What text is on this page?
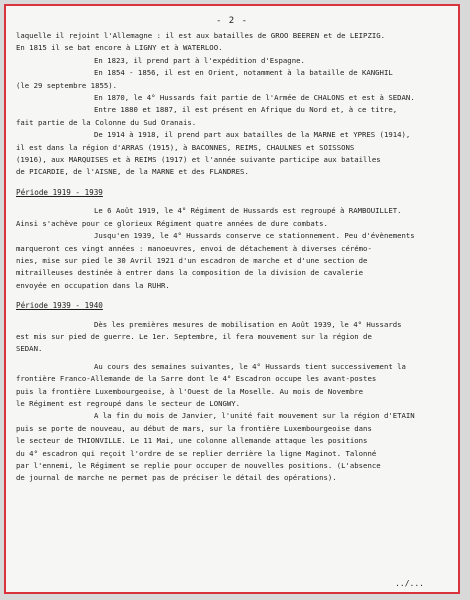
- 2 -
laquelle il rejoint l'Allemagne : il est aux batailles de GROO BEEREN et de LEIPZIG.
En 1815 il se bat encore à LIGNY et à WATERLOO.
En 1823, il prend part à l'expédition d'Espagne.
En 1854 - 1856, il est en Orient, notamment à la bataille de KANGHIL
(le 29 septembre 1855).
En 1870, le 4° Hussards fait partie de l'Armée de CHALONS et est à SEDAN.
Entre 1880 et 1887, il est présent en Afrique du Nord et, à ce titre,
fait partie de la Colonne du Sud Oranais.
De 1914 à 1918, il prend part aux batailles de la MARNE et YPRES (1914),
il est dans la région d'ARRAS (1915), à BACONNES, REIMS, CHAULNES et SOISSONS
(1916), aux MARQUISES et à REIMS (1917) et l'année suivante participe aux batailles
de PICARDIE, de l'AISNE, de la MARNE et des FLANDRES.
Période 1919 - 1939
Le 6 Août 1919, le 4° Régiment de Hussards est regroupé à RAMBOUILLET.
Ainsi s'achève pour ce glorieux Régiment quatre années de dure combats.
Jusqu'en 1939, le 4° Hussards conserve ce stationnement. Peu d'évènements
marqueront ces vingt années : manoeuvres, envoi de détachement à diverses cérémo-
nies, mise sur pied le 30 Avril 1921 d'un escadron de marche et d'une section de
mitrailleuses destinée à entrer dans la composition de la division de cavalerie
envoyée en occupation dans la RUHR.
Période 1939 - 1940
Dès les premières mesures de mobilisation en Août 1939, le 4° Hussards
est mis sur pied de guerre. Le 1er. Septembre, il fera mouvement sur la région de
SEDAN.
Au cours des semaines suivantes, le 4° Hussards tient successivement la
frontière Franco-Allemande de la Sarre dont le 4° Escadron occupe les avant-postes
puis la frontière Luxembourgeoise, à l'Ouest de la Moselle. Au mois de Novembre
le Régiment est regroupé dans le secteur de LONGWY.
A la fin du mois de Janvier, l'unité fait mouvement sur la région d'ETAIN
puis se porte de nouveau, au début de mars, sur la frontière Luxembourgeoise dans
le secteur de THIONVILLE. Le 11 Mai, une colonne allemande attaque les positions
du 4° escadron qui reçoit l'ordre de se replier derrière la ligne Maginot. Talonné
par l'ennemi, le Régiment se replie pour occuper de nouvelles positions. (L'absence
de journal de marche ne permet pas de préciser le détail des opérations).
../...
